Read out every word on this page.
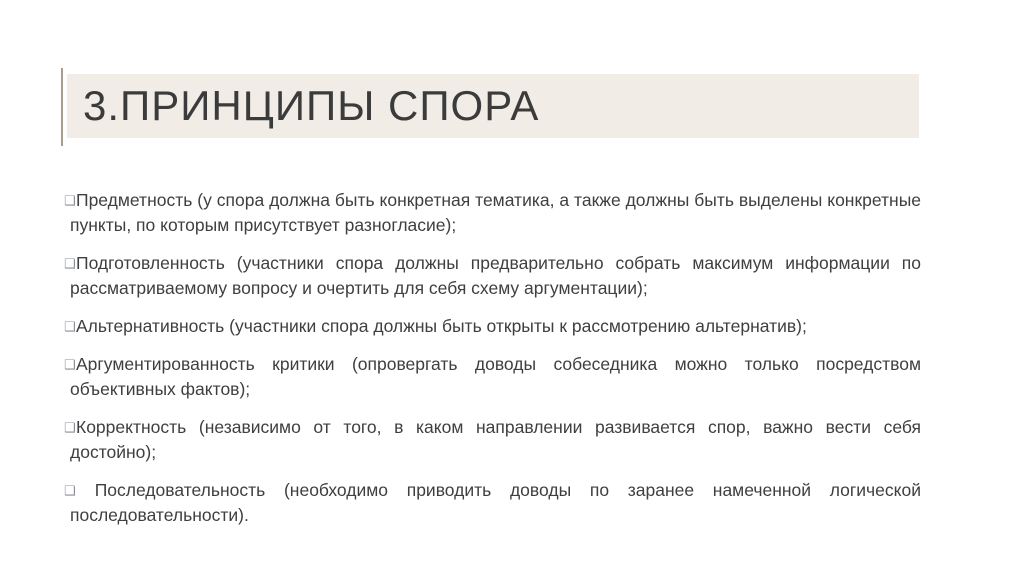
3.ПРИНЦИПЫ СПОРА
❑Предметность (у спора должна быть конкретная тематика, а также должны быть выделены конкретные пункты, по которым присутствует разногласие);
❑Подготовленность (участники спора должны предварительно собрать максимум информации по рассматриваемому вопросу и очертить для себя схему аргументации);
❑Альтернативность (участники спора должны быть открыты к рассмотрению альтернатив);
❑Аргументированность критики (опровергать доводы собеседника можно только посредством объективных фактов);
❑Корректность (независимо от того, в каком направлении развивается спор, важно вести себя достойно);
❑ Последовательность (необходимо приводить доводы по заранее намеченной логической последовательности).
